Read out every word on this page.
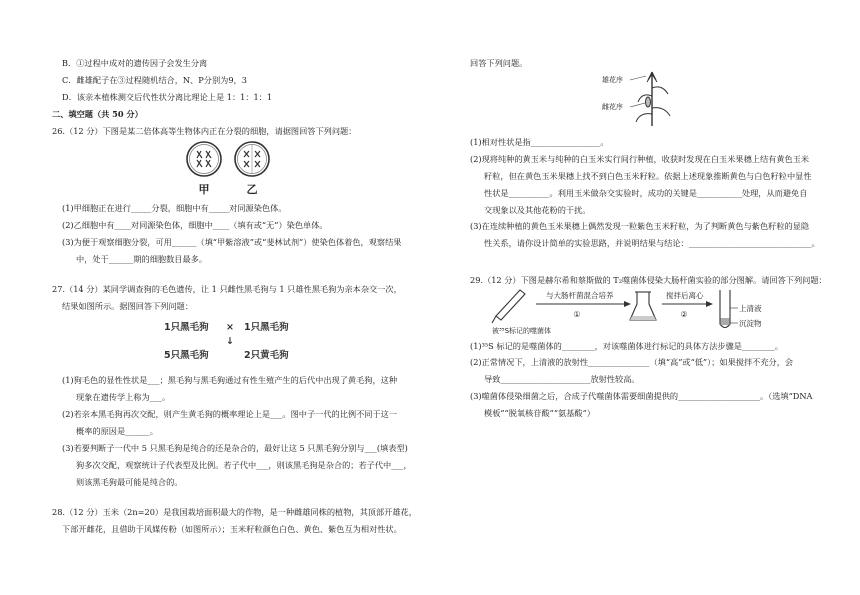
B．①过程中成对的遗传因子会发生分离
C．雌雄配子在③过程随机结合，N、P分别为9，3
D．该亲本植株测交后代性状分离比理论上是 1：1：1：1
二、填空题（共 50 分）
26.（12 分）下图是某二倍体高等生物体内正在分裂的细胞，请据图回答下列问题：
甲	乙
(1)甲细胞正在进行_____分裂，细胞中有_____对同源染色体。
(2)乙细胞中有____对同源染色体，细胞中____（填有或“无”）染色单体。
(3)为便于观察细胞分裂，可用______（填“甲紫溶液”或“斐林试剂”）使染色体着色，观察结果
中，处于______期的细胞数目最多。
27.（14 分）某同学调查狗的毛色遗传，让 1 只雌性黑毛狗与 1 只雄性黑毛狗为亲本杂交一次，
结果如图所示。据图回答下列问题：
1只黑毛狗 × 1只黑毛狗
↓
5只黑毛狗	2只黄毛狗
(1)狗毛色的显性性状是___；黑毛狗与黑毛狗通过有性生殖产生的后代中出现了黄毛狗，这种
现象在遗传学上称为___。
(2)若亲本黑毛狗再次交配，则产生黄毛狗的概率理论上是___。图中子一代的比例不同于这一
概率的原因是______。
(3)若要判断子一代中 5 只黑毛狗是纯合的还是杂合的，最好让这 5 只黑毛狗分别与___(填表型)
狗多次交配，观察统计子代表型及比例。若子代中___，则该黑毛狗是杂合的；若子代中___，
则该黑毛狗最可能是纯合的。
28.（12 分）玉米（2n=20）是我国栽培面积最大的作物，是一种雌雄同株的植物，其顶部开雄花，
下部开雌花，且借助于风媒传粉（如图所示）；玉米籽粒颜色白色、黄色、紫色互为相对性状。
回答下列问题。
雄花序
雌花序
(1)相对性状是指_________________。
(2)现将纯种的黄玉米与纯种的白玉米实行间行种植，收获时发现在白玉米果穗上结有黄色玉米
籽粒，但在黄色玉米果穗上找不到白色玉米籽粒。依据上述现象推断黄色与白色籽粒中显性
性状是__________。利用玉米做杂交实验时，成功的关键是___________处理，从而避免自
交现象以及其他花粉的干扰。
(3)在连续种植的黄色玉米果穗上偶然发现一粒紫色玉米籽粒，为了判断黄色与紫色籽粒的显隐
性关系，请你设计简单的实验思路，并说明结果与结论：______________________________。
29.（12 分）下图是赫尔希和蔡斯做的 T₂噬菌体侵染大肠杆菌实验的部分图解。请回答下列问题：
被³⁵S标记的噬菌体
与大肠杆菌混合培养
①
搅拌后离心
②
上清液
沉淀物
(1)³⁵S 标记的是噬菌体的________，对该噬菌体进行标记的具体方法步骤是________。
(2)正常情况下，上清液的放射性_______________（填“高”或“低”）；如果搅拌不充分，会
导致______________________放射性较高。
(3)噬菌体侵染细菌之后，合成子代噬菌体需要细菌提供的____________________。（选填“DNA
模板”“脱氧核苷酸”“氨基酸”）
